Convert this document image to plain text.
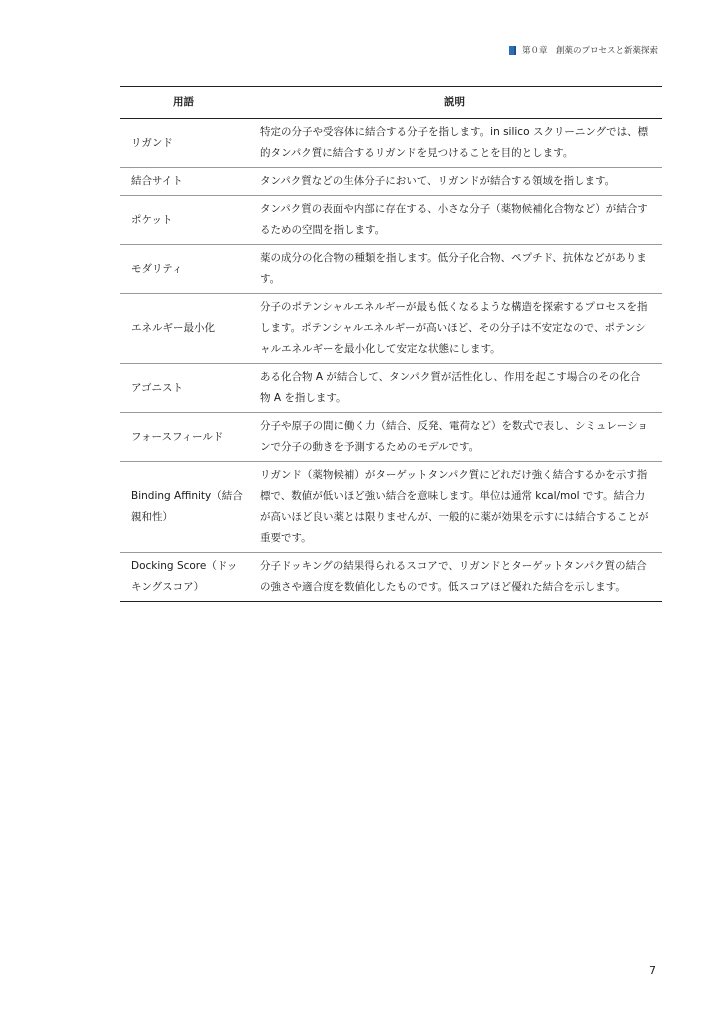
第０章　創薬のプロセスと新薬探索
用語	説明
リガンド	特定の分子や受容体に結合する分子を指します。in silico スクリーニングでは、標的タンパク質に結合するリガンドを見つけることを目的とします。
結合サイト	タンパク質などの生体分子において、リガンドが結合する領域を指します。
ポケット	タンパク質の表面や内部に存在する、小さな分子（薬物候補化合物など）が結合するための空間を指します。
モダリティ	薬の成分の化合物の種類を指します。低分子化合物、ペプチド、抗体などがあります。
エネルギー最小化	分子のポテンシャルエネルギーが最も低くなるような構造を探索するプロセスを指します。ポテンシャルエネルギーが高いほど、その分子は不安定なので、ポテンシャルエネルギーを最小化して安定な状態にします。
アゴニスト	ある化合物 A が結合して、タンパク質が活性化し、作用を起こす場合のその化合物 A を指します。
フォースフィールド	分子や原子の間に働く力（結合、反発、電荷など）を数式で表し、シミュレーションで分子の動きを予測するためのモデルです。
Binding Affinity（結合親和性）	リガンド（薬物候補）がターゲットタンパク質にどれだけ強く結合するかを示す指標で、数値が低いほど強い結合を意味します。単位は通常 kcal/mol です。結合力が高いほど良い薬とは限りませんが、一般的に薬が効果を示すには結合することが重要です。
Docking Score（ドッキングスコア）	分子ドッキングの結果得られるスコアで、リガンドとターゲットタンパク質の結合の強さや適合度を数値化したものです。低スコアほど優れた結合を示します。
7
